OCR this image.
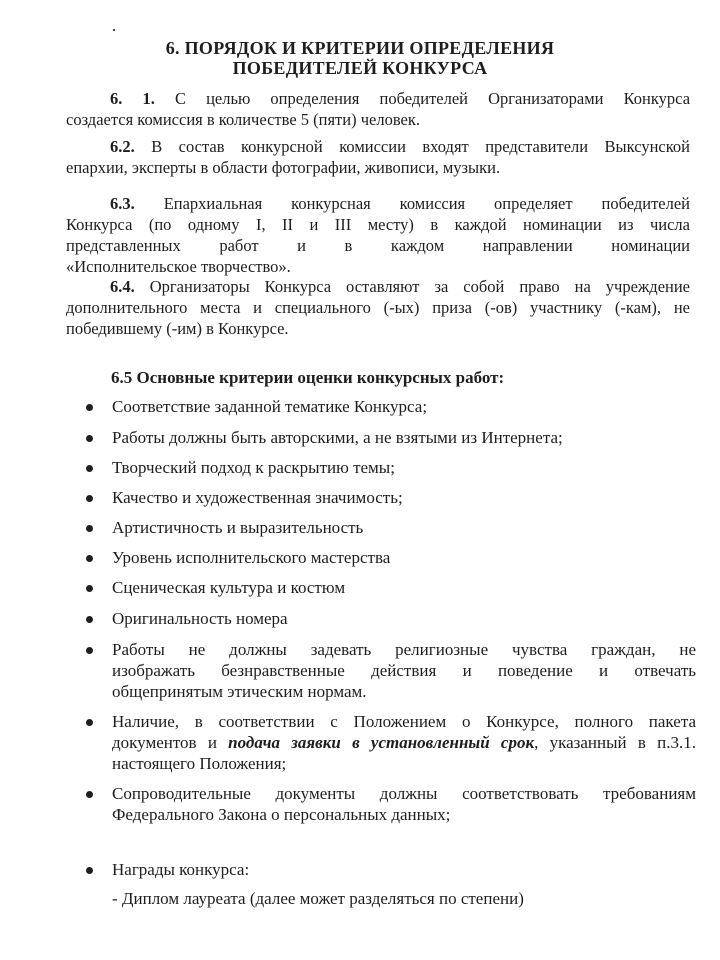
6. ПОРЯДОК И КРИТЕРИИ ОПРЕДЕЛЕНИЯ
ПОБЕДИТЕЛЕЙ КОНКУРСА
6. 1. С целью определения победителей Организаторами Конкурса
создается комиссия в количестве 5 (пяти) человек.
6.2. В состав конкурсной комиссии входят представители Выксунской
епархии, эксперты в области фотографии, живописи, музыки.
6.3. Епархиальная конкурсная комиссия определяет победителей
Конкурса (по одному I, II и III месту) в каждой номинации из числа
представленных работ и в каждом направлении номинации
«Исполнительское творчество».
6.4. Организаторы Конкурса оставляют за собой право на учреждение
дополнительного места и специального (-ых) приза (-ов) участнику (-кам), не
победившему (-им) в Конкурсе.
6.5 Основные критерии оценки конкурсных работ:
Соответствие заданной тематике Конкурса;
Работы должны быть авторскими, а не взятыми из Интернета;
Творческий подход к раскрытию темы;
Качество и художественная значимость;
Артистичность и выразительность
Уровень исполнительского мастерства
Сценическая культура и костюм
Оригинальность номера
Работы не должны задевать религиозные чувства граждан, не
изображать безнравственные действия и поведение и отвечать
общепринятым этическим нормам.
Наличие, в соответствии с Положением о Конкурсе, полного пакета
документов и подача заявки в установленный срок, указанный в п.3.1.
настоящего Положения;
Сопроводительные документы должны соответствовать требованиям
Федерального Закона о персональных данных;
Награды конкурса:
- Диплом лауреата (далее может разделяться по степени)
